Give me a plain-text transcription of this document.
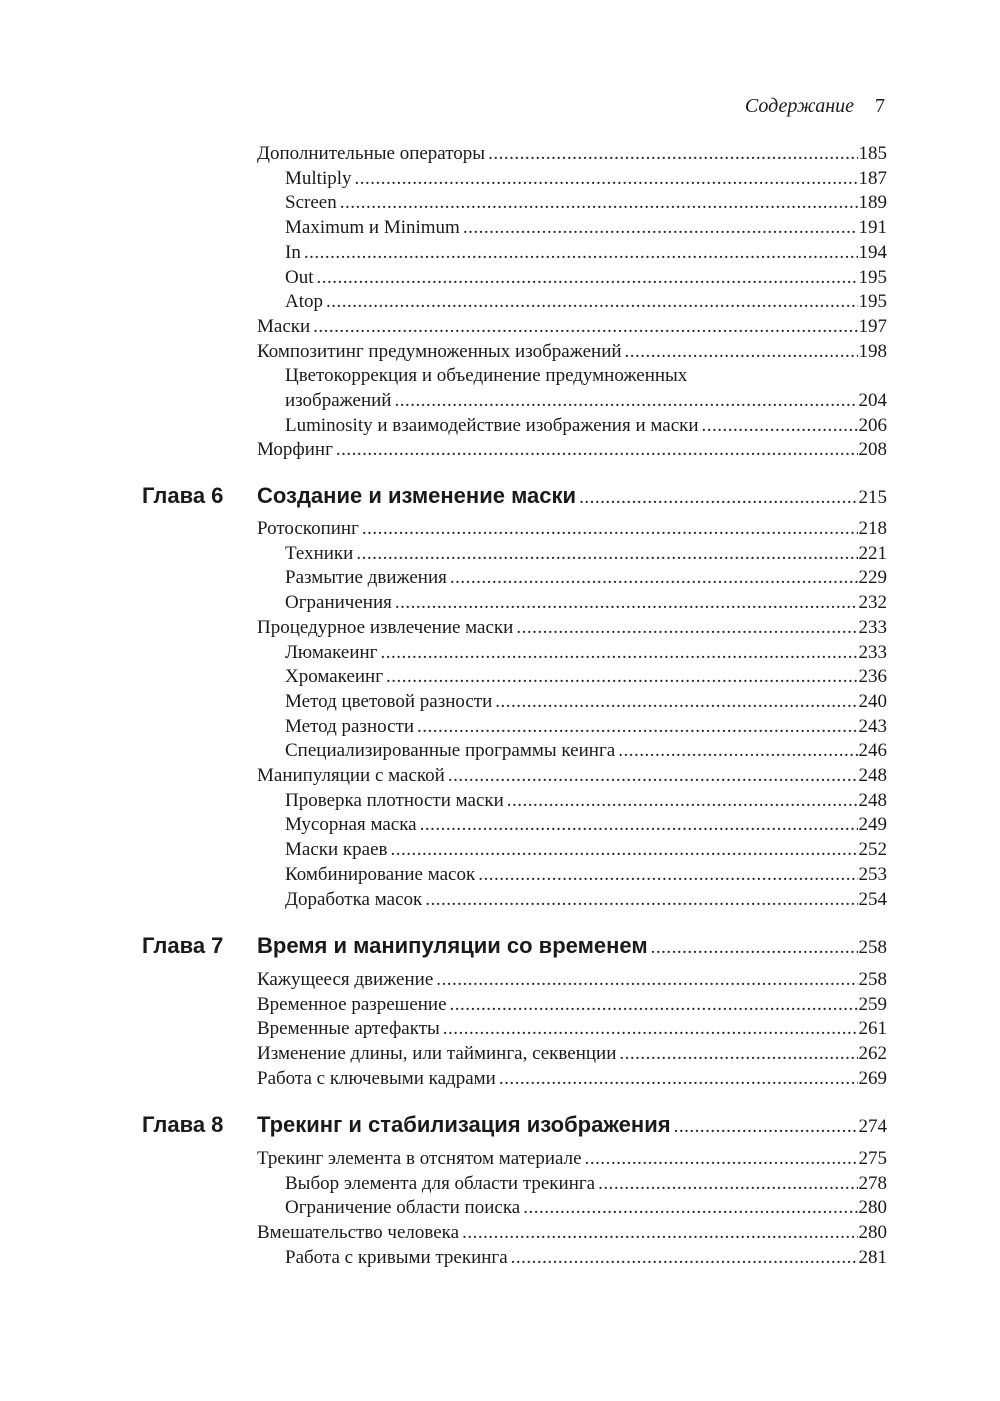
Содержание 7
Дополнительные операторы .....	185
Multiply .....	187
Screen .....	189
Maximum и Minimum .....	191
In .....	194
Out .....	195
Atop .....	195
Маски .....	197
Композитинг предумноженных изображений .....	198
Цветокоррекция и объединение предумноженных
изображений .....	204
Luminosity и взаимодействие изображения и маски .....	206
Морфинг .....	208
Глава 6 Создание и изменение маски .....	215
Ротоскопинг .....	218
Техники .....	221
Размытие движения .....	229
Ограничения .....	232
Процедурное извлечение маски .....	233
Люмакеинг .....	233
Хромакеинг .....	236
Метод цветовой разности .....	240
Метод разности .....	243
Специализированные программы кеинга .....	246
Манипуляции с маской .....	248
Проверка плотности маски .....	248
Мусорная маска .....	249
Маски краев .....	252
Комбинирование масок .....	253
Доработка масок .....	254
Глава 7 Время и манипуляции со временем .....	258
Кажущееся движение .....	258
Временное разрешение .....	259
Временные артефакты .....	261
Изменение длины, или тайминга, секвенции .....	262
Работа с ключевыми кадрами .....	269
Глава 8 Трекинг и стабилизация изображения .....	274
Трекинг элемента в отснятом материале .....	275
Выбор элемента для области трекинга .....	278
Ограничение области поиска .....	280
Вмешательство человека .....	280
Работа с кривыми трекинга .....	281
